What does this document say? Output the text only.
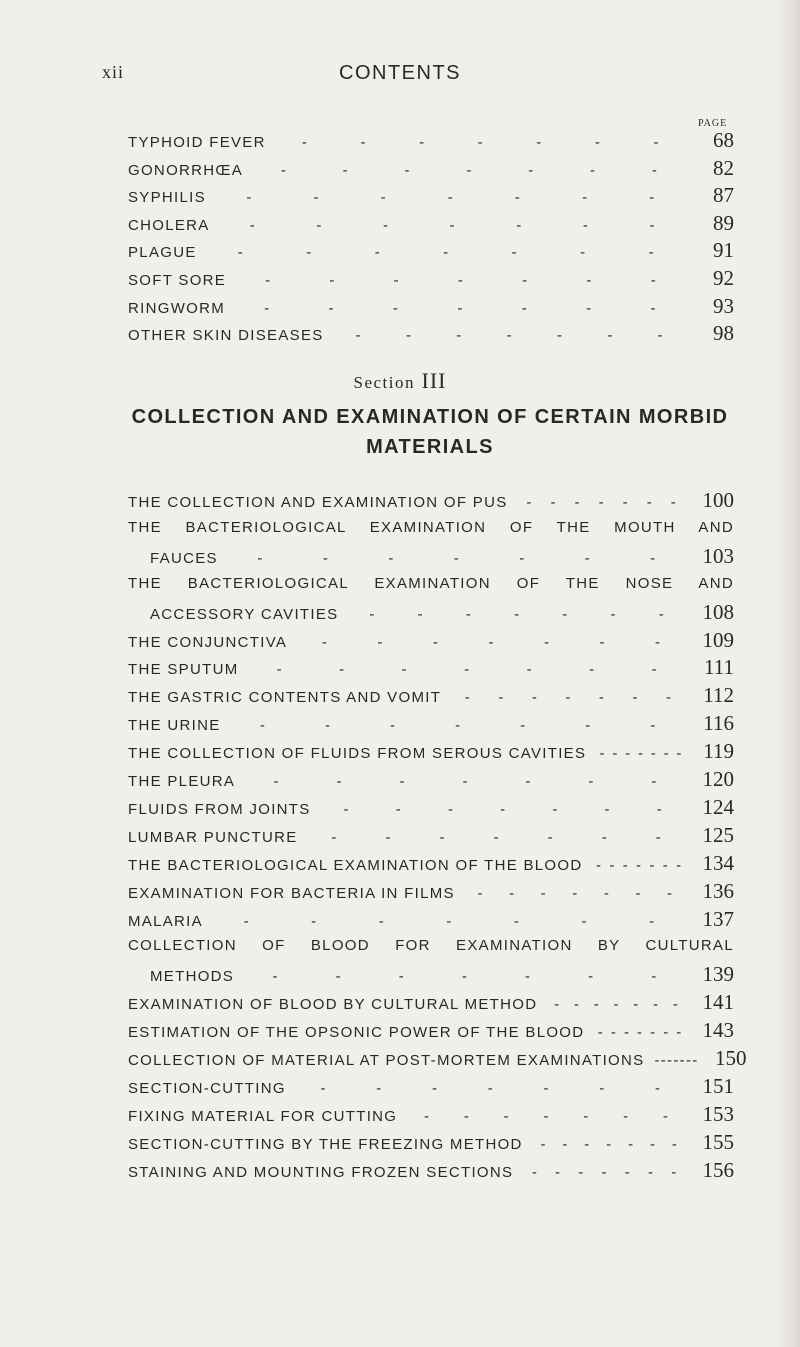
xii	CONTENTS
PAGE
TYPHOID FEVER -	-	-	-	-	-	-	68
GONORRHŒA	-	-	-	-	-	-	-	82
SYPHILIS	-	-	-	-	-	-	-	87
CHOLERA	-	-	-	-	-	-	-	89
PLAGUE	-	-	-	-	-	-	-	91
SOFT SORE	-	-	-	-	-	-	-	92
RINGWORM	-	-	-	-	-	-	-	93
OTHER SKIN DISEASES -	-	-	-	-	-	-	98
Section III
COLLECTION AND EXAMINATION OF CERTAIN MORBID MATERIALS
THE COLLECTION AND EXAMINATION OF PUS - - - - - - -	100
THE BACTERIOLOGICAL EXAMINATION OF THE MOUTH AND
FAUCES	-	-	-	-	-	-	-	103
THE BACTERIOLOGICAL EXAMINATION OF THE NOSE AND
ACCESSORY CAVITIES -	-	-	-	-	-	-	108
THE CONJUNCTIVA -	-	-	-	-	-	-	109
THE SPUTUM	-	-	-	-	-	-	-	111
THE GASTRIC CONTENTS AND VOMIT - - - - - - -	112
THE URINE	-	-	-	-	-	-	-	116
THE COLLECTION OF FLUIDS FROM SEROUS CAVITIES - - - - - - - 119
THE PLEURA	-	-	-	-	-	-	-	120
FLUIDS FROM JOINTS -	-	-	-	-	-	-	124
LUMBAR PUNCTURE -	-	-	-	-	-	-	125
THE BACTERIOLOGICAL EXAMINATION OF THE BLOOD - - - - - - - 134
EXAMINATION FOR BACTERIA IN FILMS - - - - - - -	136
MALARIA	-	-	-	-	-	-	-	137
COLLECTION OF BLOOD FOR EXAMINATION BY CULTURAL
METHODS	-	-	-	-	-	-	-	139
EXAMINATION OF BLOOD BY CULTURAL METHOD - - - - - - -	141
ESTIMATION OF THE OPSONIC POWER OF THE BLOOD - - - - - - - 143
COLLECTION OF MATERIAL AT POST-MORTEM EXAMINATIONS - - - - - - - 150
SECTION-CUTTING -	-	-	-	-	-	-	151
FIXING MATERIAL FOR CUTTING - - - - - - -	153
SECTION-CUTTING BY THE FREEZING METHOD - - - - - - -	155
STAINING AND MOUNTING FROZEN SECTIONS - - - - - - -	156
